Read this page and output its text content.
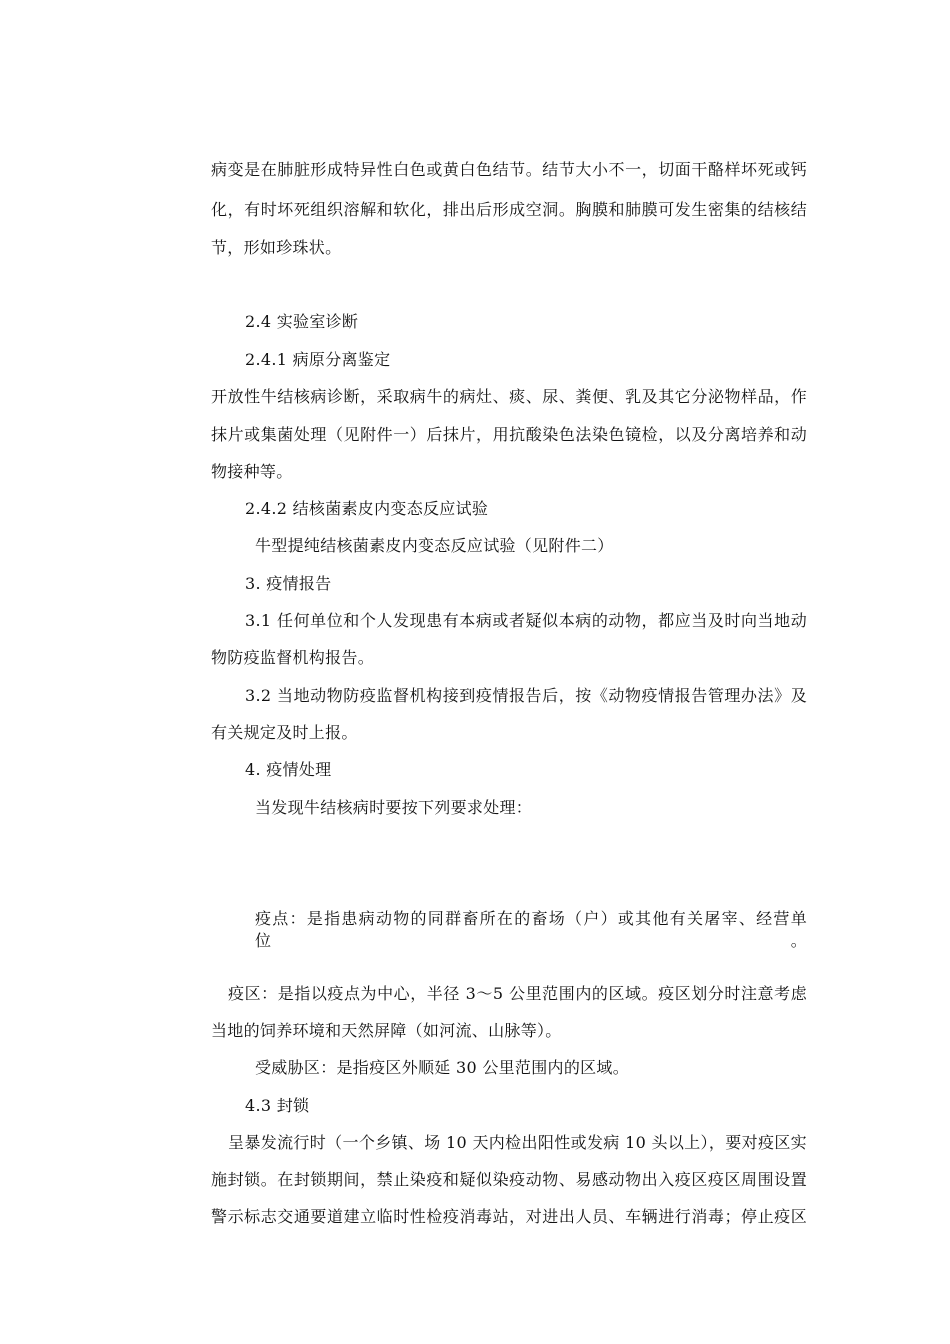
病变是在肺脏形成特异性白色或黄白色结节。结节大小不一，切面干酪样坏死或钙
化，有时坏死组织溶解和软化，排出后形成空洞。胸膜和肺膜可发生密集的结核结
节，形如珍珠状。
2.4 实验室诊断
2.4.1 病原分离鉴定
开放性牛结核病诊断，采取病牛的病灶、痰、尿、粪便、乳及其它分泌物样品，作
抹片或集菌处理（见附件一）后抹片，用抗酸染色法染色镜检，以及分离培养和动
物接种等。
2.4.2 结核菌素皮内变态反应试验
牛型提纯结核菌素皮内变态反应试验（见附件二）
3. 疫情报告
3.1 任何单位和个人发现患有本病或者疑似本病的动物，都应当及时向当地动
物防疫监督机构报告。
3.2 当地动物防疫监督机构接到疫情报告后，按《动物疫情报告管理办法》及
有关规定及时上报。
4. 疫情处理
当发现牛结核病时要按下列要求处理：
疫点：是指患病动物的同群畜所在的畜场（户）或其他有关屠宰、经营单位。
疫区：是指以疫点为中心，半径 3～5 公里范围内的区域。疫区划分时注意考虑
当地的饲养环境和天然屏障（如河流、山脉等）。
受威胁区：是指疫区外顺延 30 公里范围内的区域。
4.3 封锁
呈暴发流行时（一个乡镇、场 10 天内检出阳性或发病 10 头以上），要对疫区实
施封锁。在封锁期间，禁止染疫和疑似染疫动物、易感动物出入疫区疫区周围设置
警示标志交通要道建立临时性检疫消毒站，对进出人员、车辆进行消毒；停止疫区
